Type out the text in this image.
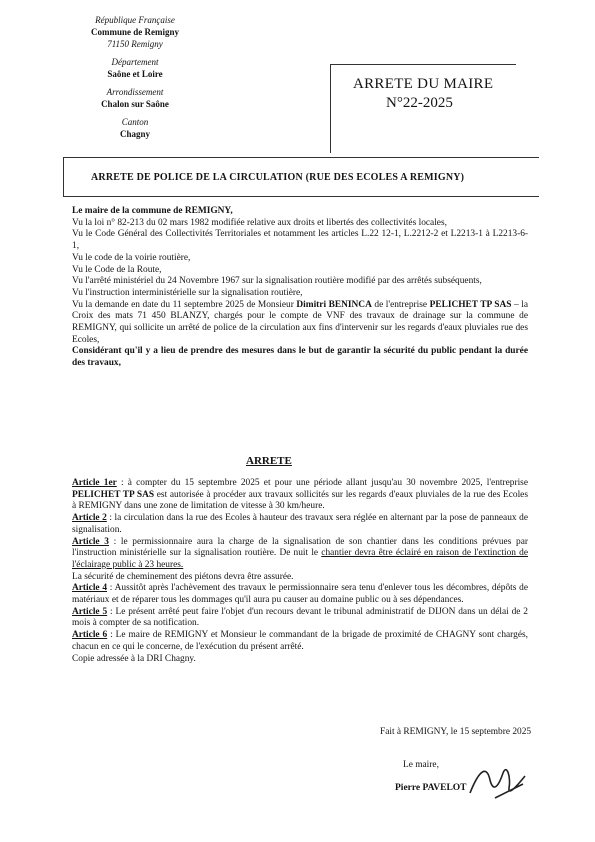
République Française
Commune de Remigny
71150 Remigny
Département
Saône et Loire
Arrondissement
Chalon sur Saône
Canton
Chagny
ARRETE DU MAIRE
N°22-2025
ARRETE DE POLICE DE LA CIRCULATION (RUE DES ECOLES A REMIGNY)

Le maire de la commune de REMIGNY,

Vu la loi n° 82-213 du 02 mars 1982 modifiée relative aux droits et libertés des collectivités locales,

Vu le Code Général des Collectivités Territoriales et notamment les articles L.22 12-1, L.2212-2 et L2213-1 à L2213-6-1,

Vu le code de la voirie routière,

Vu le Code de la Route,

Vu l'arrêté ministériel du 24 Novembre 1967 sur la signalisation routière modifié par des arrêtés subséquents,

Vu l'instruction interministérielle sur la signalisation routière,

Vu la demande en date du 11 septembre 2025 de Monsieur Dimitri BENINCA de l'entreprise PELICHET TP SAS – la Croix des mats 71 450 BLANZY, chargés pour le compte de VNF des travaux de drainage sur la commune de REMIGNY, qui sollicite un arrêté de police de la circulation aux fins d'intervenir sur les regards d'eaux pluviales rue des Ecoles,

Considérant qu'il y a lieu de prendre des mesures dans le but de garantir la sécurité du public pendant la durée des travaux,

ARRETE

Article 1er : à compter du 15 septembre 2025 et pour une période allant jusqu'au 30 novembre 2025, l'entreprise PELICHET TP SAS est autorisée à procéder aux travaux sollicités sur les regards d'eaux pluviales de la rue des Ecoles à REMIGNY dans une zone de limitation de vitesse à 30 km/heure.

Article 2 : la circulation dans la rue des Ecoles à hauteur des travaux sera réglée en alternant par la pose de panneaux de signalisation.

Article 3 : le permissionnaire aura la charge de la signalisation de son chantier dans les conditions prévues par l'instruction ministérielle sur la signalisation routière. De nuit le chantier devra être éclairé en raison de l'extinction de l'éclairage public à 23 heures.

La sécurité de cheminement des piétons devra être assurée.

Article 4 : Aussitôt après l'achèvement des travaux le permissionnaire sera tenu d'enlever tous les décombres, dépôts de matériaux et de réparer tous les dommages qu'il aura pu causer au domaine public ou à ses dépendances.

Article 5 : Le présent arrêté peut faire l'objet d'un recours devant le tribunal administratif de DIJON dans un délai de 2 mois à compter de sa notification.

Article 6 : Le maire de REMIGNY et Monsieur le commandant de la brigade de proximité de CHAGNY sont chargés, chacun en ce qui le concerne, de l'exécution du présent arrêté.

Copie adressée à la DRI Chagny.

Fait à REMIGNY, le 15 septembre 2025
Le maire,
Pierre PAVELOT
